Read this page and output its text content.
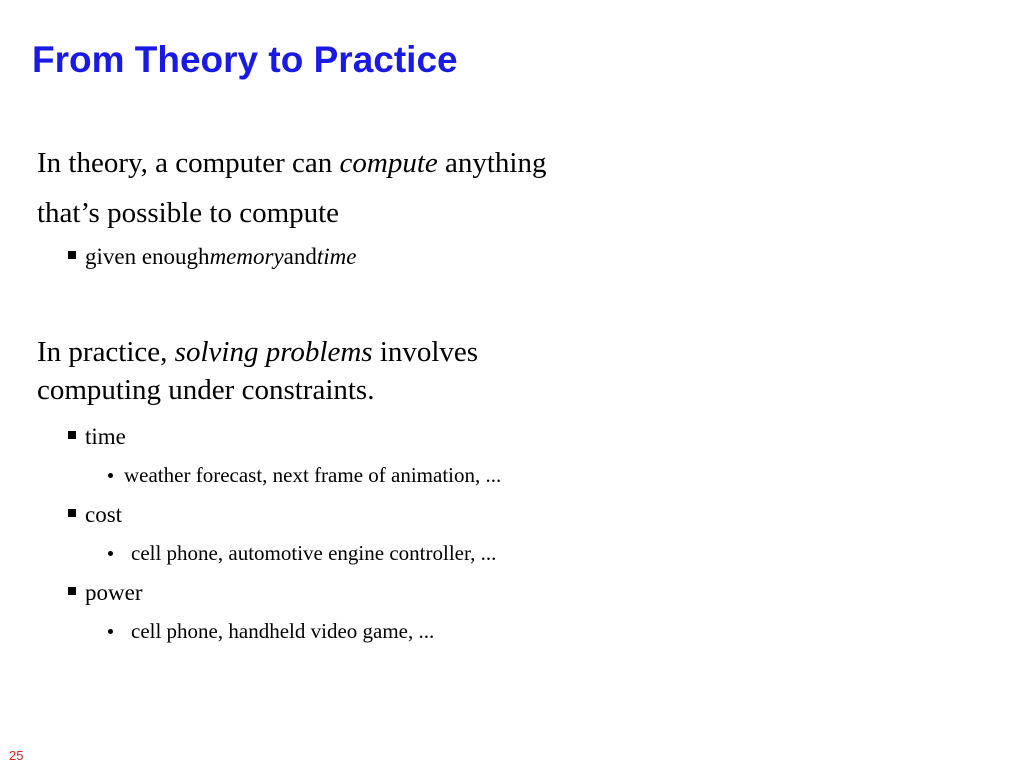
From Theory to Practice

In theory, a computer can compute anything

that’s possible to compute

given enough memory and time

In practice, solving problems involves

computing under constraints.

time
weather forecast, next frame of animation, ...
cost
cell phone, automotive engine controller, ...
power
cell phone, handheld video game, ...
25
